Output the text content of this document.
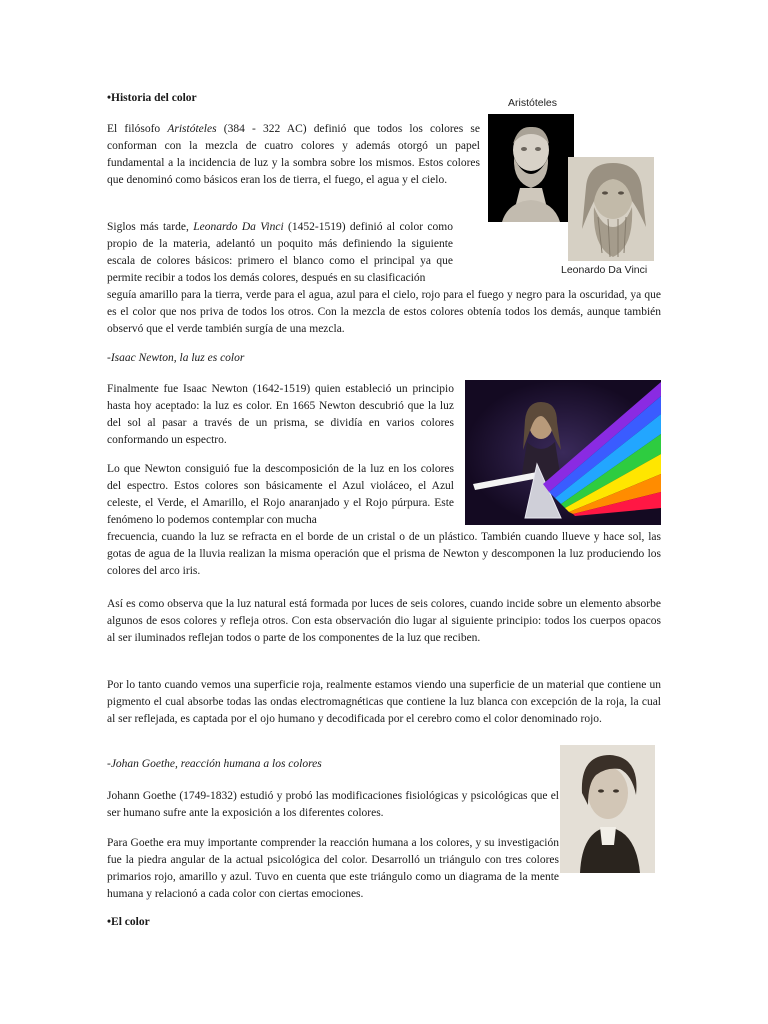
•Historia del color	Aristóteles
Leonardo Da Vinci

El filósofo Aristóteles (384 - 322 AC) definió que todos los colores se conforman con la mezcla de cuatro colores y además otorgó un papel fundamental a la incidencia de luz y la sombra sobre los mismos. Estos colores que denominó como básicos eran los de tierra, el fuego, el agua y el cielo.

Siglos más tarde, Leonardo Da Vinci (1452-1519) definió al color como propio de la materia, adelantó un poquito más definiendo la siguiente escala de colores básicos: primero el blanco como el principal ya que permite recibir a todos los demás colores, después en su clasificación

seguía amarillo para la tierra, verde para el agua, azul para el cielo, rojo para el fuego y negro para la oscuridad, ya que es el color que nos priva de todos los otros. Con la mezcla de estos colores obtenía todos los demás, aunque también observó que el verde también surgía de una mezcla.

-Isaac Newton, la luz es color

Finalmente fue Isaac Newton (1642-1519) quien estableció un principio hasta hoy aceptado: la luz es color. En 1665 Newton descubrió que la luz del sol al pasar a través de un prisma, se dividía en varios colores conformando un espectro.

Lo que Newton consiguió fue la descomposición de la luz en los colores del espectro. Estos colores son básicamente el Azul violáceo, el Azul celeste, el Verde, el Amarillo, el Rojo anaranjado y el Rojo púrpura. Este fenómeno lo podemos contemplar con mucha

frecuencia, cuando la luz se refracta en el borde de un cristal o de un plástico. También cuando llueve y hace sol, las gotas de agua de la lluvia realizan la misma operación que el prisma de Newton y descomponen la luz produciendo los colores del arco iris.

Así es como observa que la luz natural está formada por luces de seis colores, cuando incide sobre un elemento absorbe algunos de esos colores y refleja otros. Con esta observación dio lugar al siguiente principio: todos los cuerpos opacos al ser iluminados reflejan todos o parte de los componentes de la luz que reciben.

Por lo tanto cuando vemos una superficie roja, realmente estamos viendo una superficie de un material que contiene un pigmento el cual absorbe todas las ondas electromagnéticas que contiene la luz blanca con excepción de la roja, la cual al ser reflejada, es captada por el ojo humano y decodificada por el cerebro como el color denominado rojo.

-Johan Goethe, reacción humana a los colores

Johann Goethe (1749-1832) estudió y probó las modificaciones fisiológicas y psicológicas que el ser humano sufre ante la exposición a los diferentes colores.

Para Goethe era muy importante comprender la reacción humana a los colores, y su investigación fue la piedra angular de la actual psicológica del color. Desarrolló un triángulo con tres colores primarios rojo, amarillo y azul. Tuvo en cuenta que este triángulo como un diagrama de la mente humana y relacionó a cada color con ciertas emociones.

•El color
